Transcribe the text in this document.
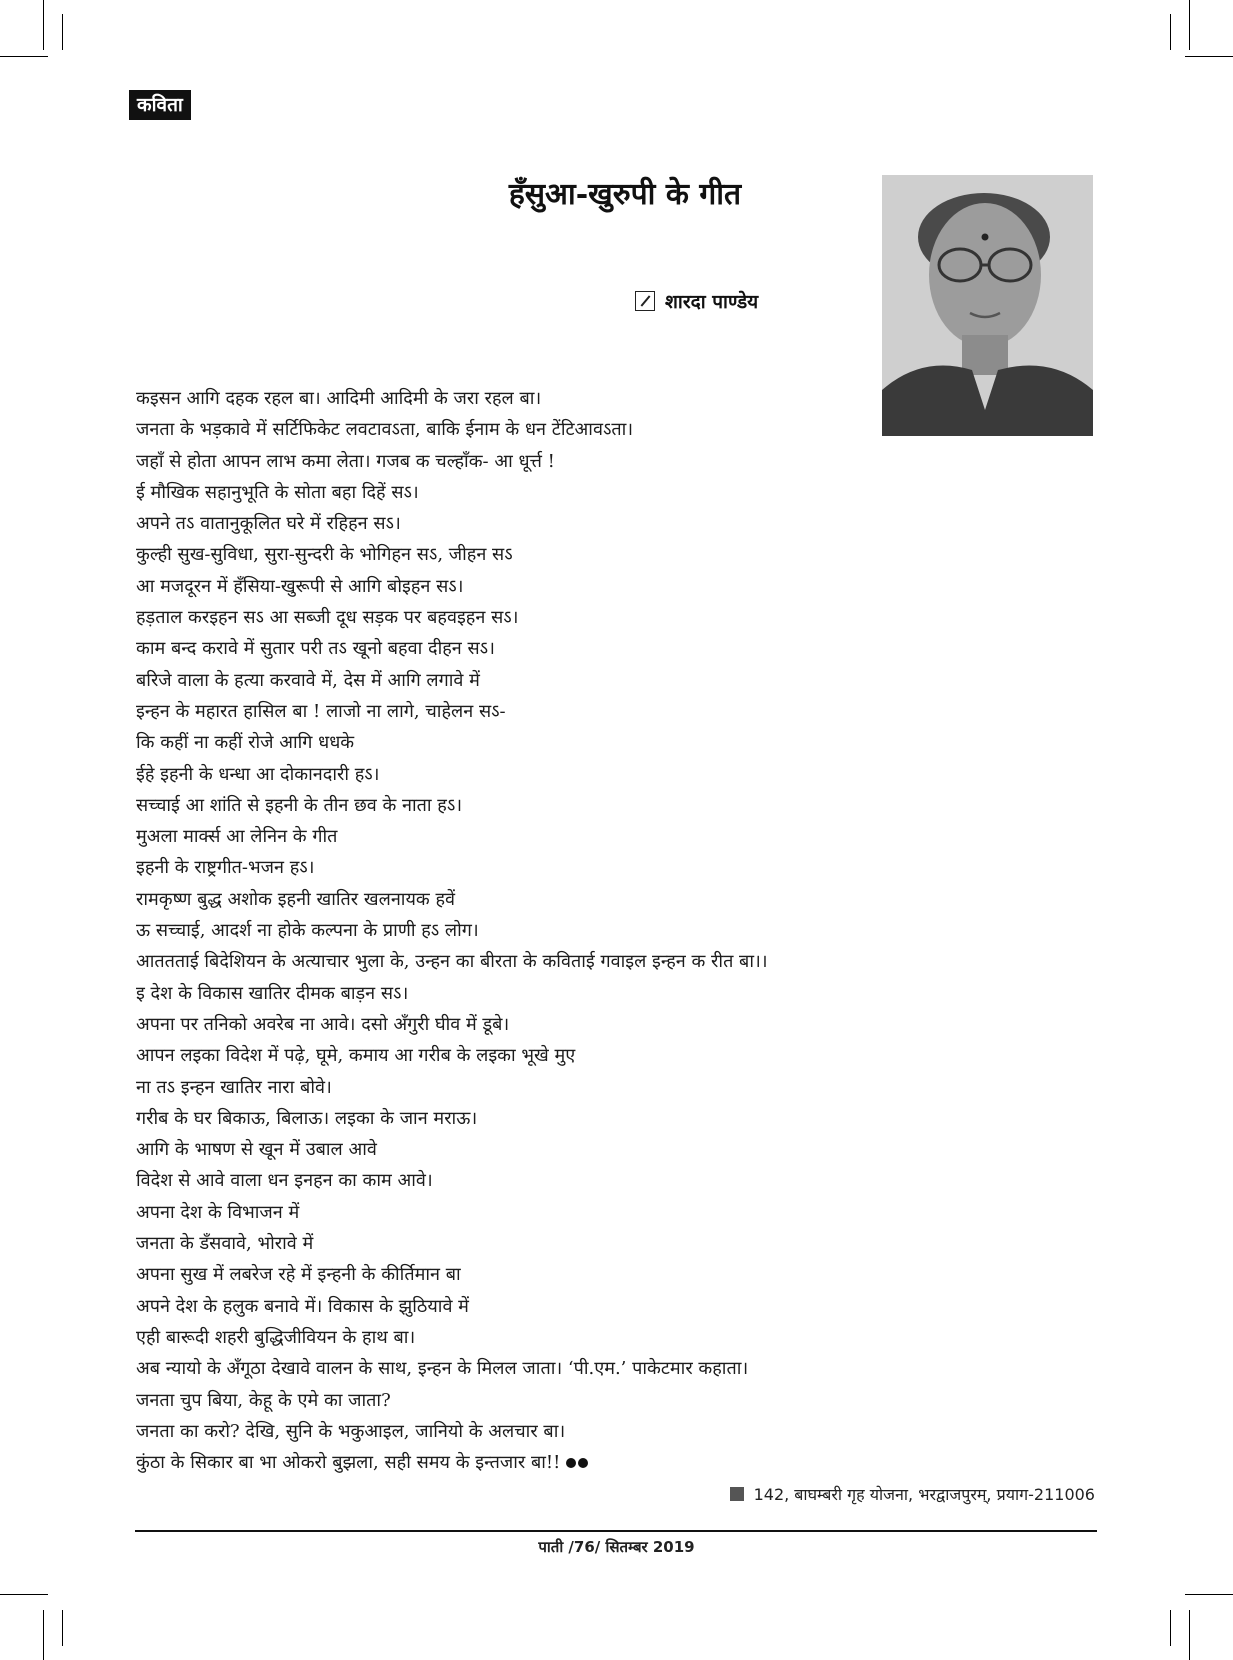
कविता
हँसुआ-खुरुपी के गीत
शारदा पाण्डेय
कइसन आगि दहक रहल बा। आदिमी आदिमी के जरा रहल बा।
जनता के भड़कावे में सर्टिफिकेट लवटावऽता, बाकि ईनाम के धन टेंटिआवऽता।
जहाँ से होता आपन लाभ कमा लेता। गजब क चल्हाँक- आ धूर्त्त !
ई मौखिक सहानुभूति के सोता बहा दिहें सऽ।
अपने तऽ वातानुकूलित घरे में रहिहन सऽ।
कुल्ही सुख-सुविधा, सुरा-सुन्दरी के भोगिहन सऽ, जीहन सऽ
आ मजदूरन में हँसिया-खुरूपी से आगि बोइहन सऽ।
हड़ताल करइहन सऽ आ सब्जी दूध सड़क पर बहवइहन सऽ।
काम बन्द करावे में सुतार परी तऽ खूनो बहवा दीहन सऽ।
बरिजे वाला के हत्या करवावे में, देस में आगि लगावे में
इन्हन के महारत हासिल बा ! लाजो ना लागे, चाहेलन सऽ-
कि कहीं ना कहीं रोजे आगि धधके
ईहे इहनी के धन्धा आ दोकानदारी हऽ।
सच्चाई आ शांति से इहनी के तीन छव के नाता हऽ।
मुअला मार्क्स आ लेनिन के गीत
इहनी के राष्ट्रगीत-भजन हऽ।
रामकृष्ण बुद्ध अशोक इहनी खातिर खलनायक हवें
ऊ सच्चाई, आदर्श ना होके कल्पना के प्राणी हऽ लोग।
आततताई बिदेशियन के अत्याचार भुला के, उन्हन का बीरता के कविताई गवाइल इन्हन क रीत बा।।
इ देश के विकास खातिर दीमक बाड़न सऽ।
अपना पर तनिको अवरेब ना आवे। दसो अँगुरी घीव में डूबे।
आपन लइका विदेश में पढ़े, घूमे, कमाय आ गरीब के लइका भूखे मुए
ना तऽ इन्हन खातिर नारा बोवे।
गरीब के घर बिकाऊ, बिलाऊ। लइका के जान मराऊ।
आगि के भाषण से खून में उबाल आवे
विदेश से आवे वाला धन इनहन का काम आवे।
अपना देश के विभाजन में
जनता के डँसवावे, भोरावे में
अपना सुख में लबरेज रहे में इन्हनी के कीर्तिमान बा
अपने देश के हलुक बनावे में। विकास के झुठियावे में
एही बारूदी शहरी बुद्धिजीवियन के हाथ बा।
अब न्यायो के अँगूठा देखावे वालन के साथ, इन्हन के मिलल जाता। ‘पी.एम.’ पाकेटमार कहाता।
जनता चुप बिया, केहू के एमे का जाता?
जनता का करो? देखि, सुनि के भकुआइल, जानियो के अलचार बा।
कुंठा के सिकार बा भा ओकरो बुझला, सही समय के इन्तजार बा!!
142, बाघम्बरी गृह योजना, भरद्वाजपुरम्, प्रयाग-211006
पाती /76/ सितम्बर 2019
